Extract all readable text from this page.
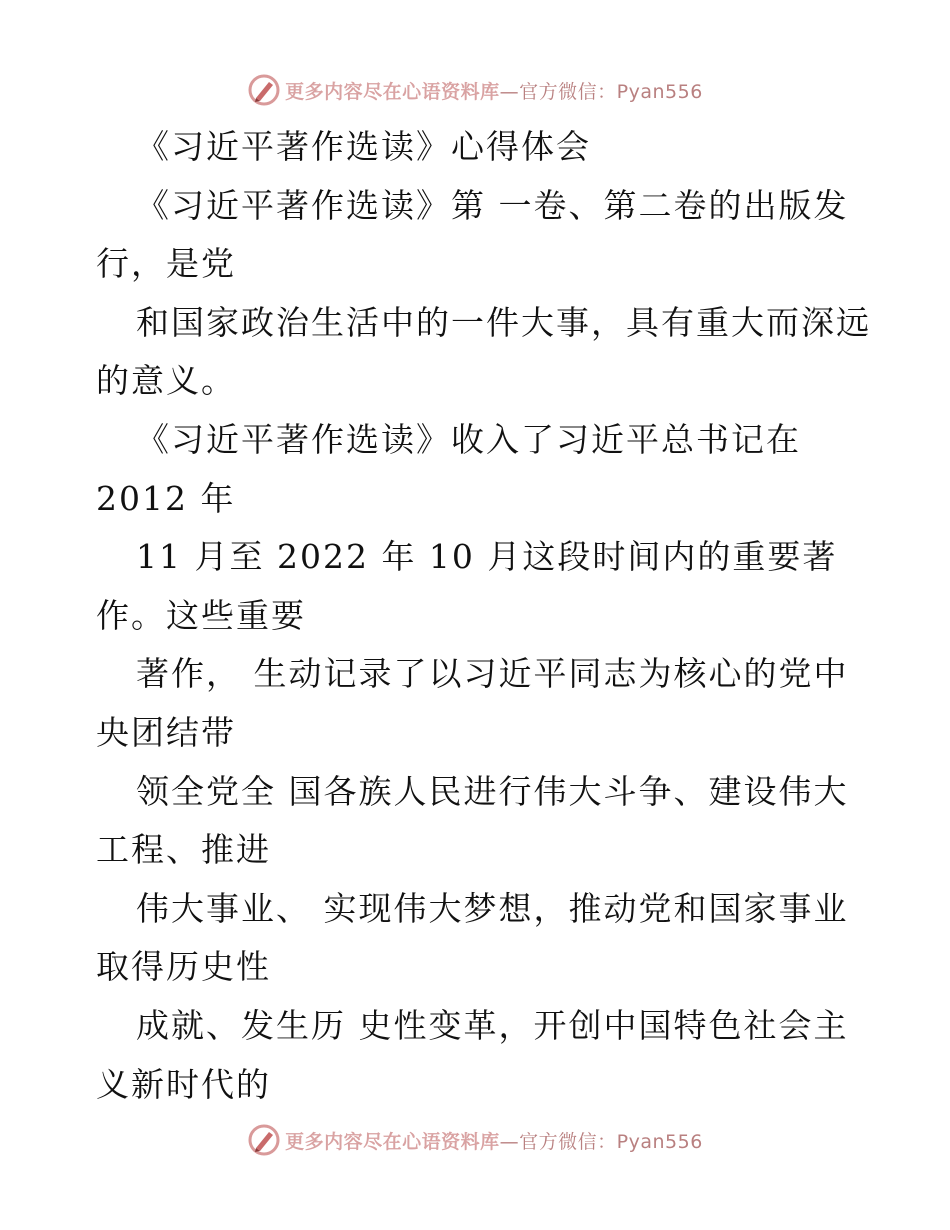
更多内容尽在心语资料库—官方微信：Pyan556
《习近平著作选读》心得体会
《习近平著作选读》第 一卷、第二卷的出版发
行，是党
和国家政治生活中的一件大事，具有重大而深远
的意义。
《习近平著作选读》收入了习近平总书记在
2012 年
11 月至 2022 年 10 月这段时间内的重要著
作。这些重要
著作， 生动记录了以习近平同志为核心的党中
央团结带
领全党全 国各族人民进行伟大斗争、建设伟大
工程、推进
伟大事业、 实现伟大梦想，推动党和国家事业
取得历史性
成就、发生历 史性变革，开创中国特色社会主
义新时代的
更多内容尽在心语资料库—官方微信：Pyan556
